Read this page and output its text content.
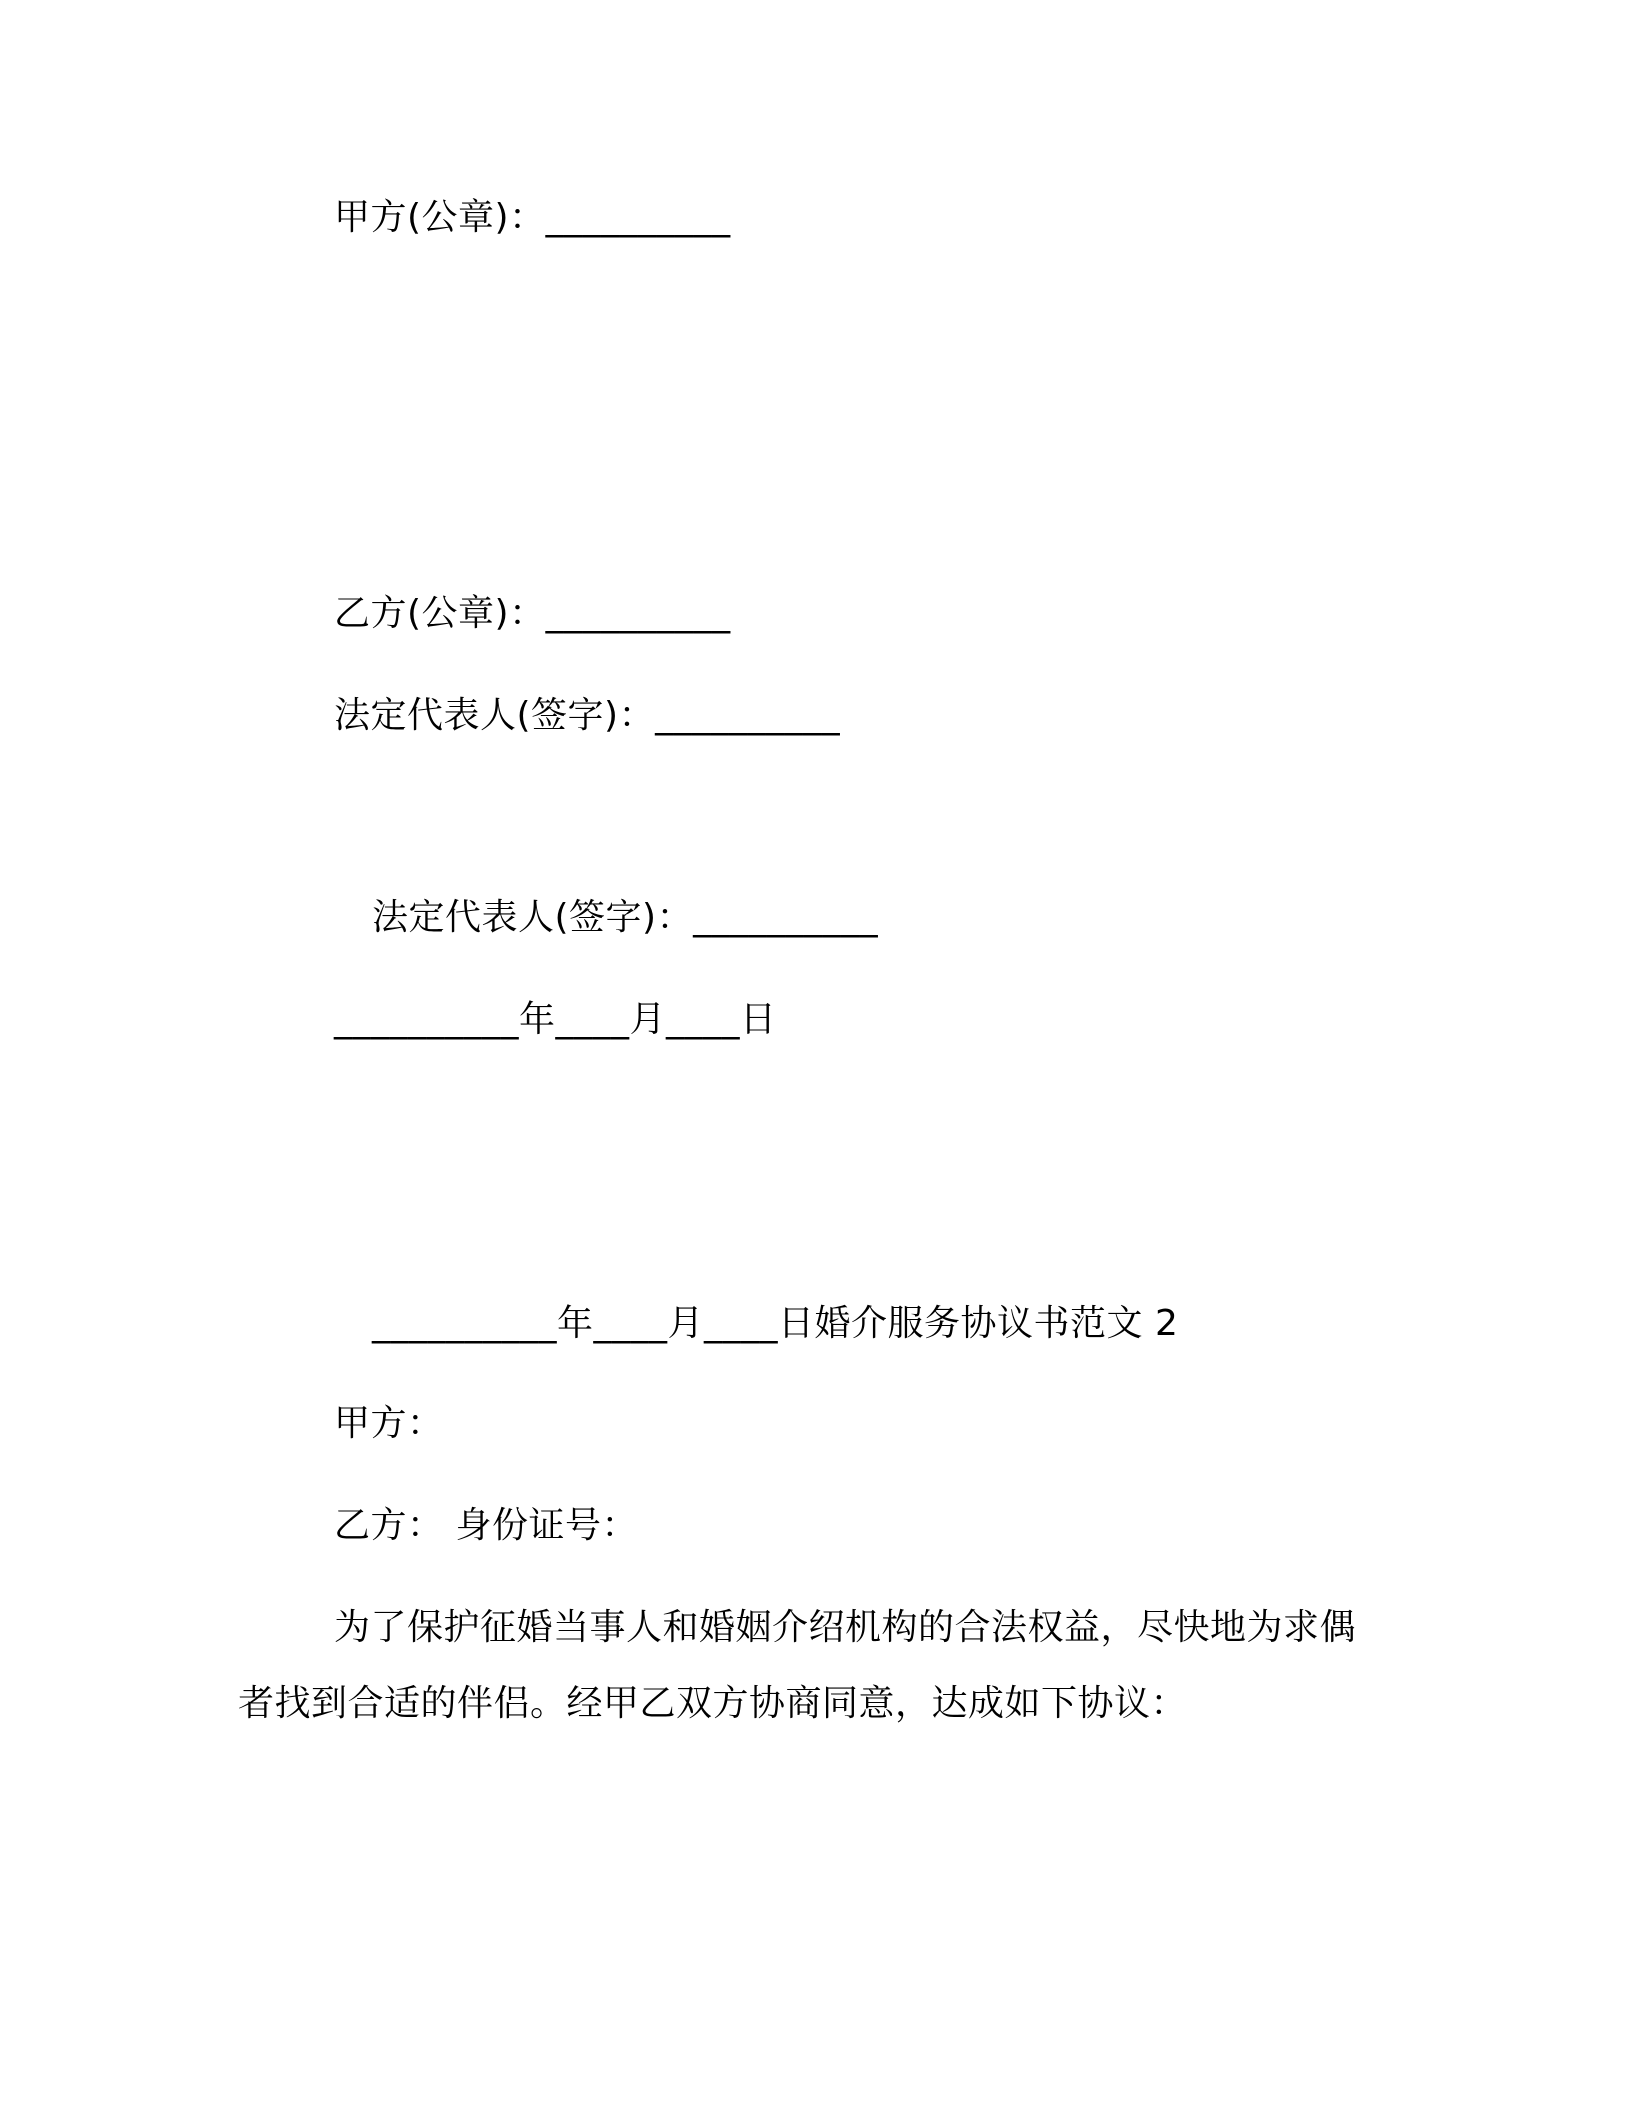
甲方(公章)：__________
乙方(公章)：__________
法定代表人(签字)：__________
法定代表人(签字)：__________
__________年____月____日
__________年____月____日婚介服务协议书范文 2
甲方：
乙方： 身份证号：
为了保护征婚当事人和婚姻介绍机构的合法权益，尽快地为求偶
者找到合适的伴侣。经甲乙双方协商同意，达成如下协议：
